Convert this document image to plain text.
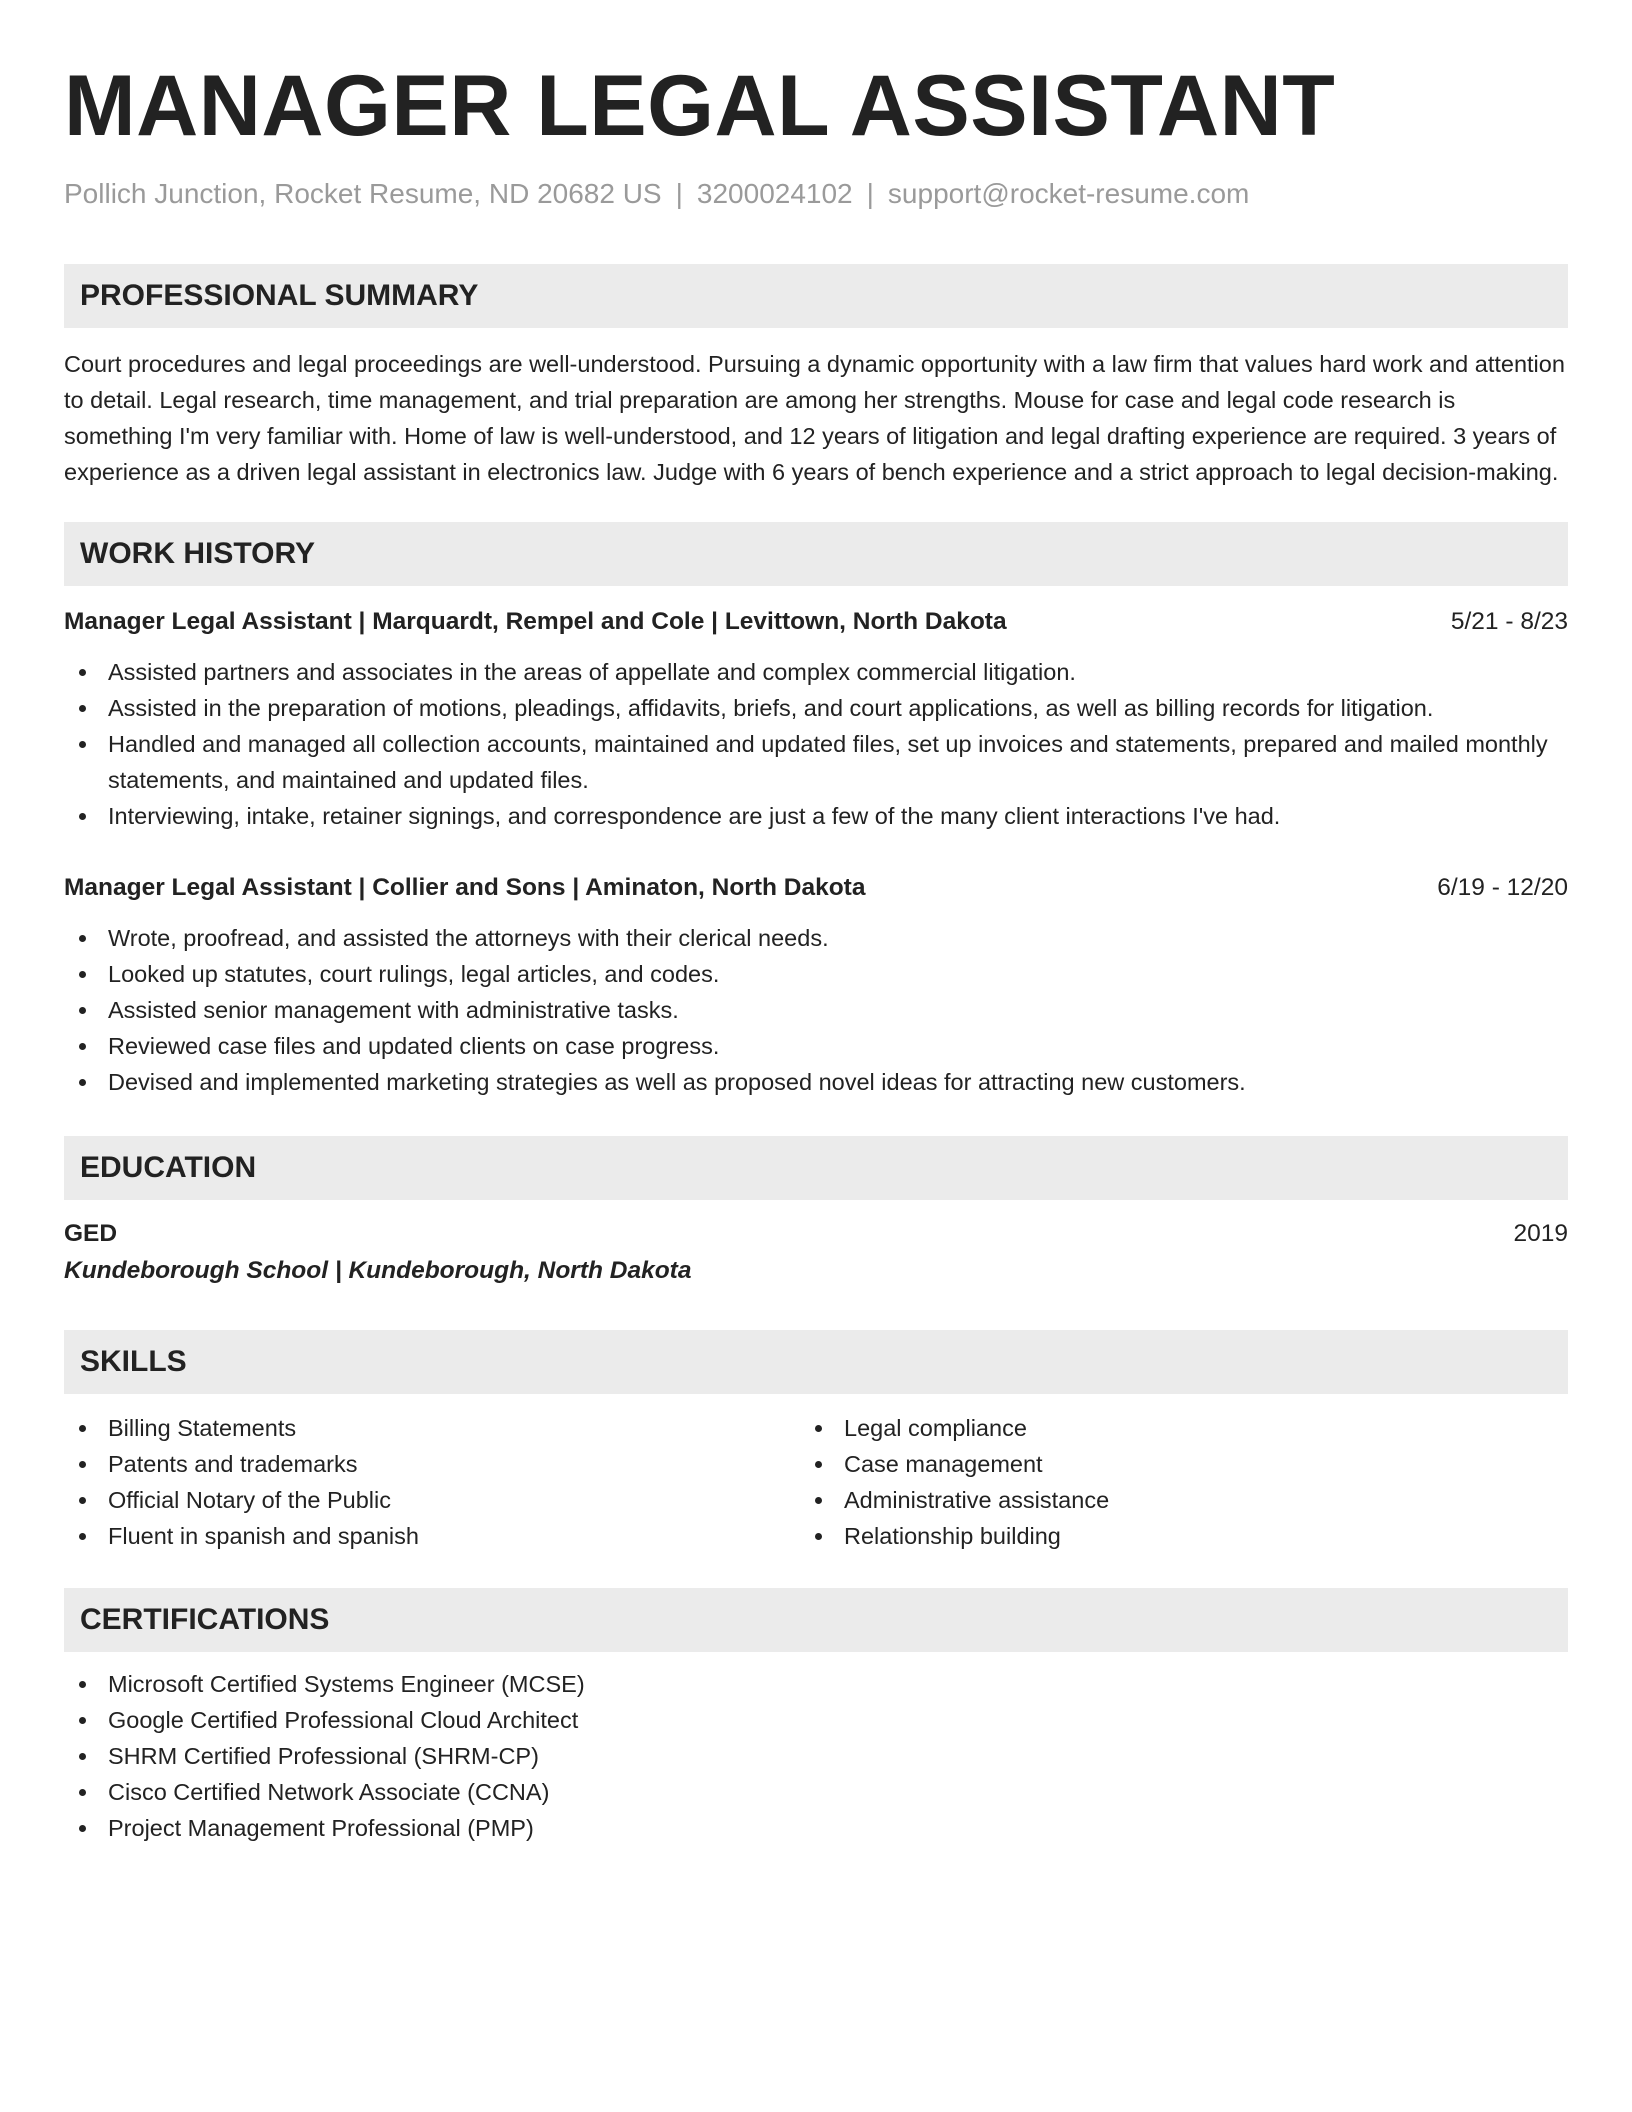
MANAGER LEGAL ASSISTANT
Pollich Junction, Rocket Resume, ND 20682 US | 3200024102 | support@rocket-resume.com
PROFESSIONAL SUMMARY
Court procedures and legal proceedings are well-understood. Pursuing a dynamic opportunity with a law firm that values hard work and attention to detail. Legal research, time management, and trial preparation are among her strengths. Mouse for case and legal code research is something I'm very familiar with. Home of law is well-understood, and 12 years of litigation and legal drafting experience are required. 3 years of experience as a driven legal assistant in electronics law. Judge with 6 years of bench experience and a strict approach to legal decision-making.
WORK HISTORY
Manager Legal Assistant | Marquardt, Rempel and Cole | Levittown, North Dakota	5/21 - 8/23
Assisted partners and associates in the areas of appellate and complex commercial litigation.
Assisted in the preparation of motions, pleadings, affidavits, briefs, and court applications, as well as billing records for litigation.
Handled and managed all collection accounts, maintained and updated files, set up invoices and statements, prepared and mailed monthly statements, and maintained and updated files.
Interviewing, intake, retainer signings, and correspondence are just a few of the many client interactions I've had.
Manager Legal Assistant | Collier and Sons | Aminaton, North Dakota	6/19 - 12/20
Wrote, proofread, and assisted the attorneys with their clerical needs.
Looked up statutes, court rulings, legal articles, and codes.
Assisted senior management with administrative tasks.
Reviewed case files and updated clients on case progress.
Devised and implemented marketing strategies as well as proposed novel ideas for attracting new customers.
EDUCATION
GED	2019
Kundeborough School | Kundeborough, North Dakota
SKILLS
Billing Statements
Patents and trademarks
Official Notary of the Public
Fluent in spanish and spanish
Legal compliance
Case management
Administrative assistance
Relationship building
CERTIFICATIONS
Microsoft Certified Systems Engineer (MCSE)
Google Certified Professional Cloud Architect
SHRM Certified Professional (SHRM-CP)
Cisco Certified Network Associate (CCNA)
Project Management Professional (PMP)
